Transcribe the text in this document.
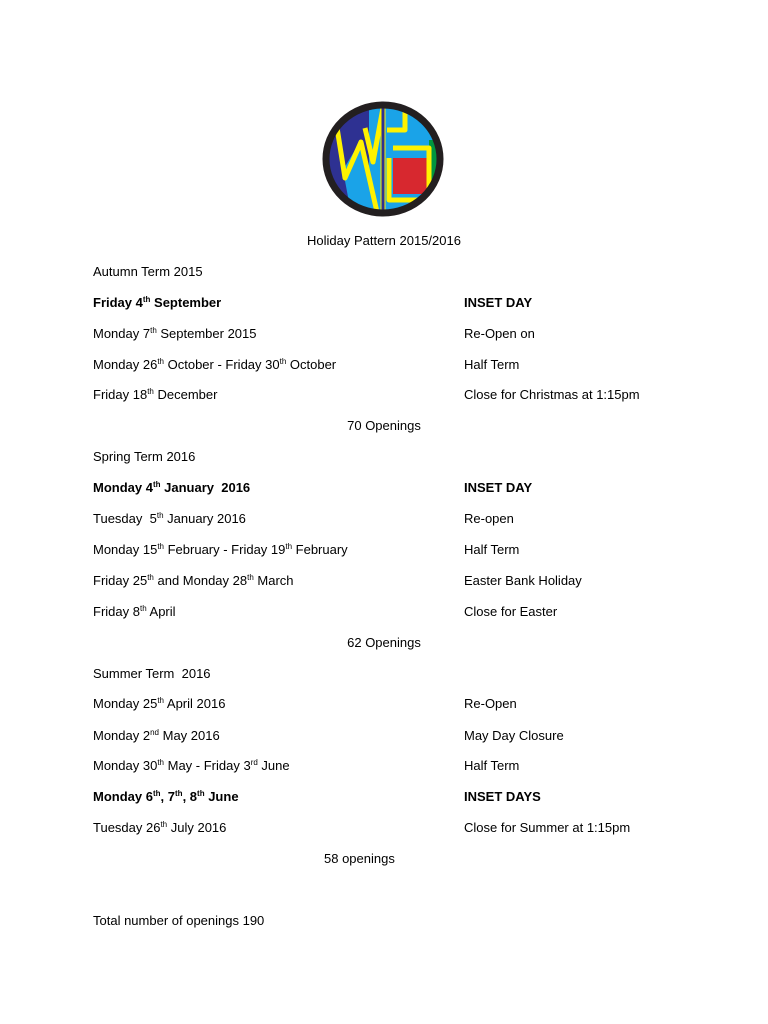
Holiday Pattern 2015/2016
Autumn Term 2015
Friday 4th September	INSET DAY
Monday 7th September 2015	Re-Open on
Monday 26th October - Friday 30th October	Half Term
Friday 18th December	Close for Christmas at 1:15pm
70 Openings
Spring Term 2016
Monday 4th January  2016	INSET DAY
Tuesday  5th January 2016	Re-open
Monday 15th February - Friday 19th February	Half Term
Friday 25th and Monday 28th March	Easter Bank Holiday
Friday 8th April	Close for Easter
62 Openings
Summer Term  2016
Monday 25th April 2016	Re-Open
Monday 2nd May 2016	May Day Closure
Monday 30th May - Friday 3rd June	Half Term
Monday 6th, 7th, 8th June	INSET DAYS
Tuesday 26th July 2016	Close for Summer at 1:15pm
58 openings
Total number of openings 190
